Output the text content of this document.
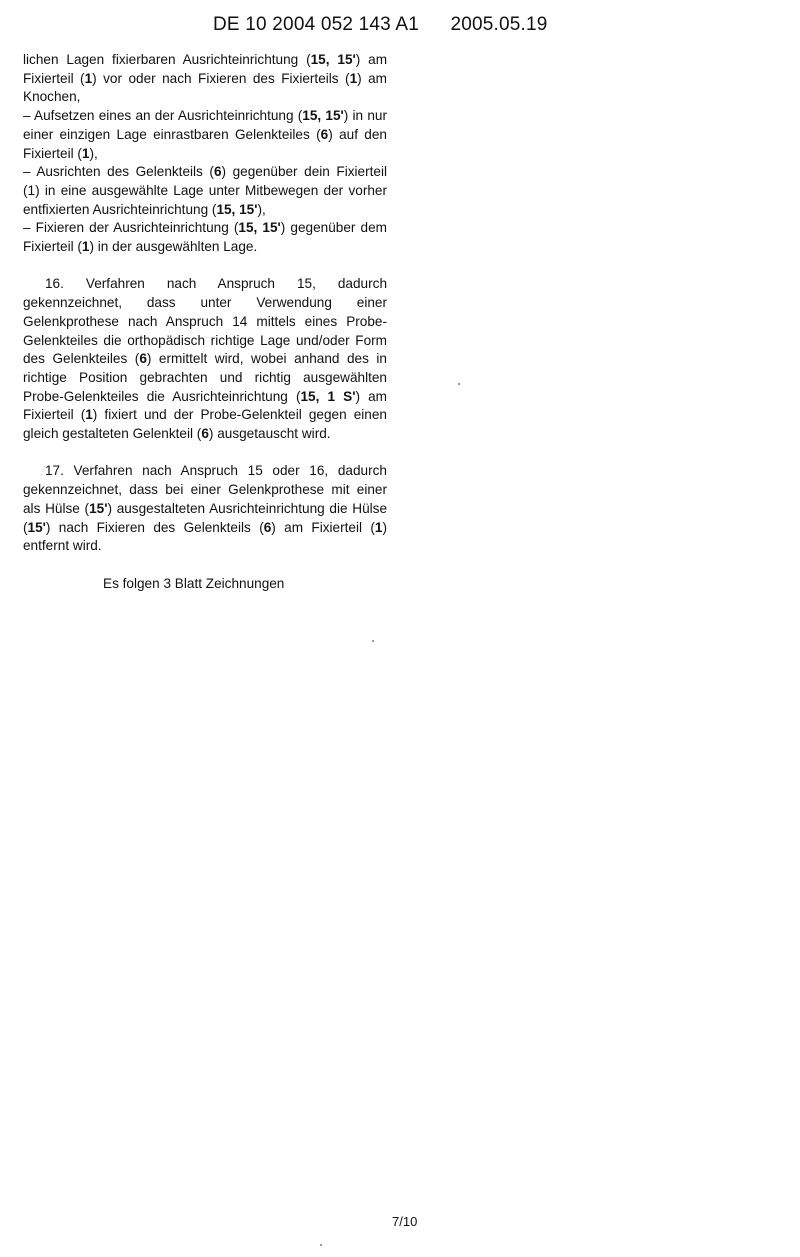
DE 10 2004 052 143 A1 2005.05.19

lichen Lagen fixierbaren Ausrichteinrichtung (15, 15') am Fixierteil (1) vor oder nach Fixieren des Fixierteils (1) am Knochen,

– Aufsetzen eines an der Ausrichteinrichtung (15, 15') in nur einer einzigen Lage einrastbaren Gelenkteiles (6) auf den Fixierteil (1),

– Ausrichten des Gelenkteils (6) gegenüber dein Fixierteil (1) in eine ausgewählte Lage unter Mitbewegen der vorher entfixierten Ausrichteinrichtung (15, 15'),

– Fixieren der Ausrichteinrichtung (15, 15') gegenüber dem Fixierteil (1) in der ausgewählten Lage.

16. Verfahren nach Anspruch 15, dadurch gekennzeichnet, dass unter Verwendung einer Gelenkprothese nach Anspruch 14 mittels eines Probe-Gelenkteiles die orthopädisch richtige Lage und/oder Form des Gelenkteiles (6) ermittelt wird, wobei anhand des in richtige Position gebrachten und richtig ausgewählten Probe-Gelenkteiles die Ausrichteinrichtung (15, 1 S') am Fixierteil (1) fixiert und der Probe-Gelenkteil gegen einen gleich gestalteten Gelenkteil (6) ausgetauscht wird.

17. Verfahren nach Anspruch 15 oder 16, dadurch gekennzeichnet, dass bei einer Gelenkprothese mit einer als Hülse (15') ausgestalteten Ausrichteinrichtung die Hülse (15') nach Fixieren des Gelenkteils (6) am Fixierteil (1) entfernt wird.

Es folgen 3 Blatt Zeichnungen
7/10
